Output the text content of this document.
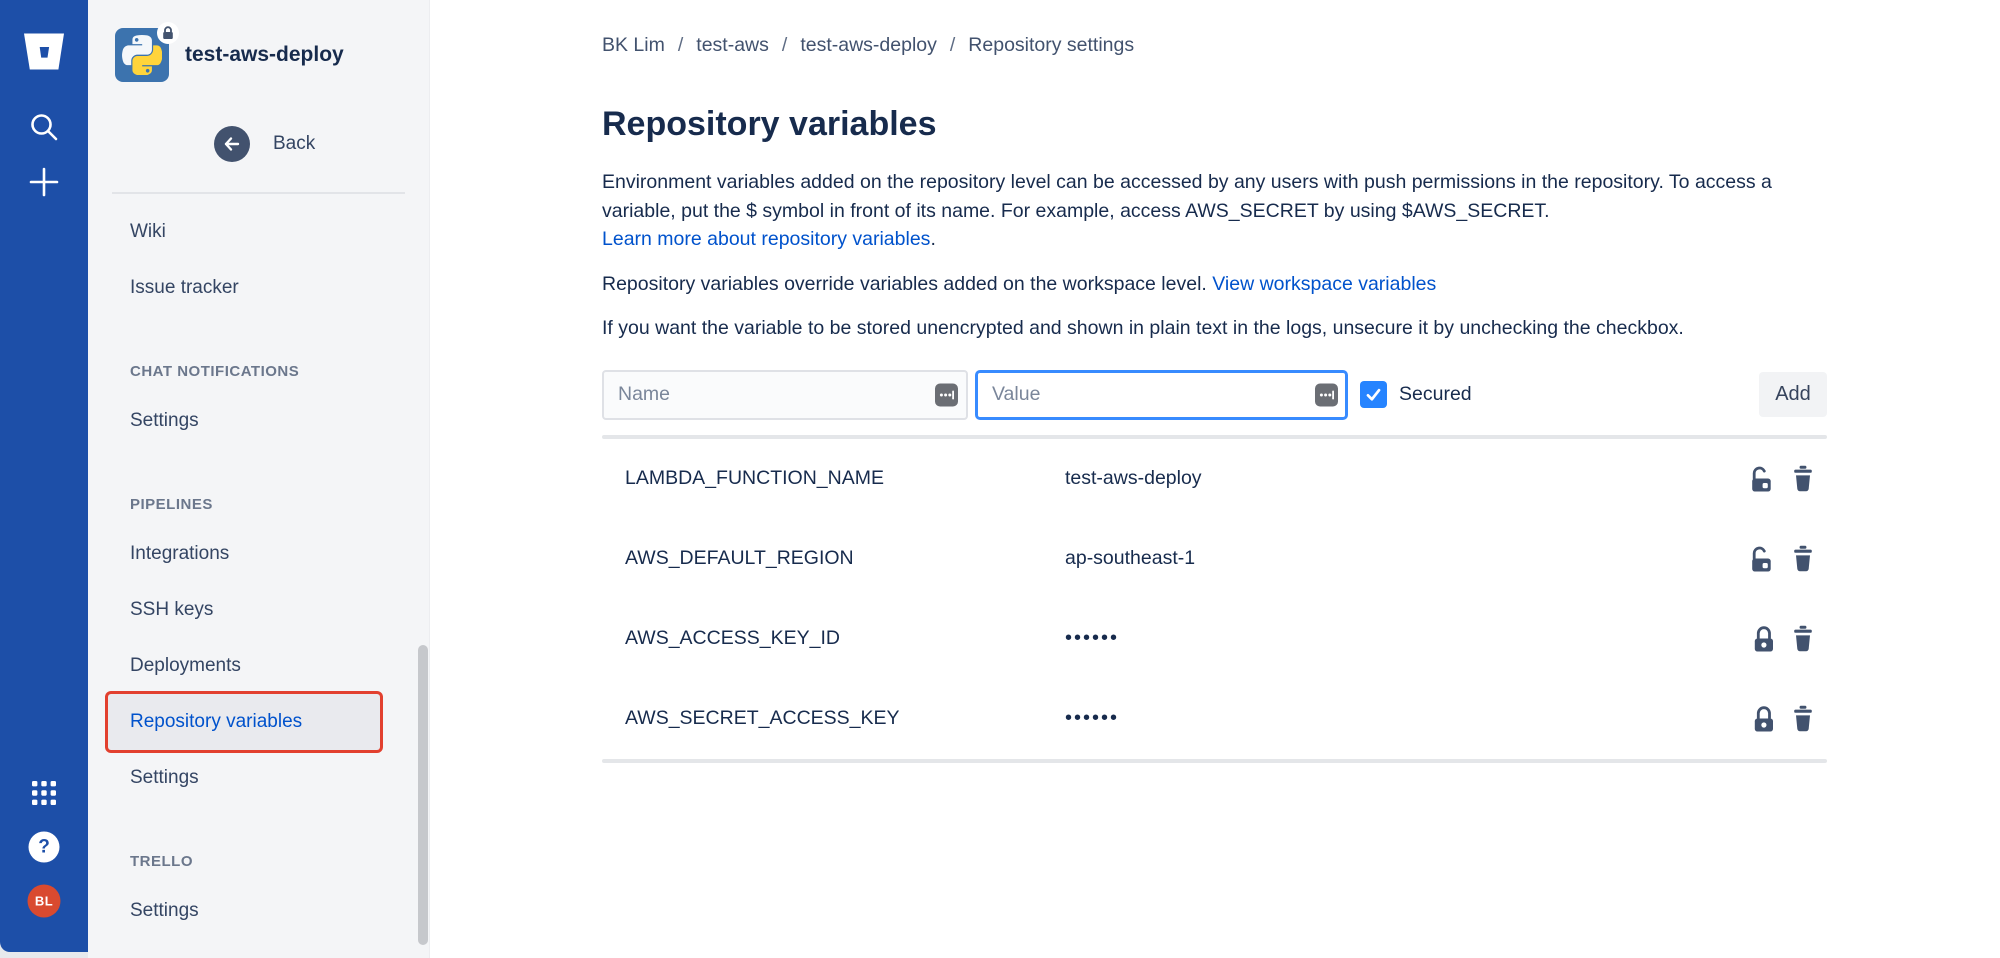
?
BL
test-aws-deploy
Back
Wiki
Issue tracker
CHAT NOTIFICATIONS
Settings
PIPELINES
Integrations
SSH keys
Deployments
Repository variables
Settings
TRELLO
Settings
BK Lim / test-aws / test-aws-deploy / Repository settings
Repository variables

Environment variables added on the repository level can be accessed by any users with push permissions in the repository. To access a variable, put the $ symbol in front of its name. For example, access AWS_SECRET by using $AWS_SECRET.
Learn more about repository variables.

Repository variables override variables added on the workspace level. View workspace variables

If you want the variable to be stored unencrypted and shown in plain text in the logs, unsecure it by unchecking the checkbox.

Name
Value
Secured	Add
LAMBDA_FUNCTION_NAME	test-aws-deploy
AWS_DEFAULT_REGION	ap-southeast-1
AWS_ACCESS_KEY_ID	••••••
AWS_SECRET_ACCESS_KEY	••••••
